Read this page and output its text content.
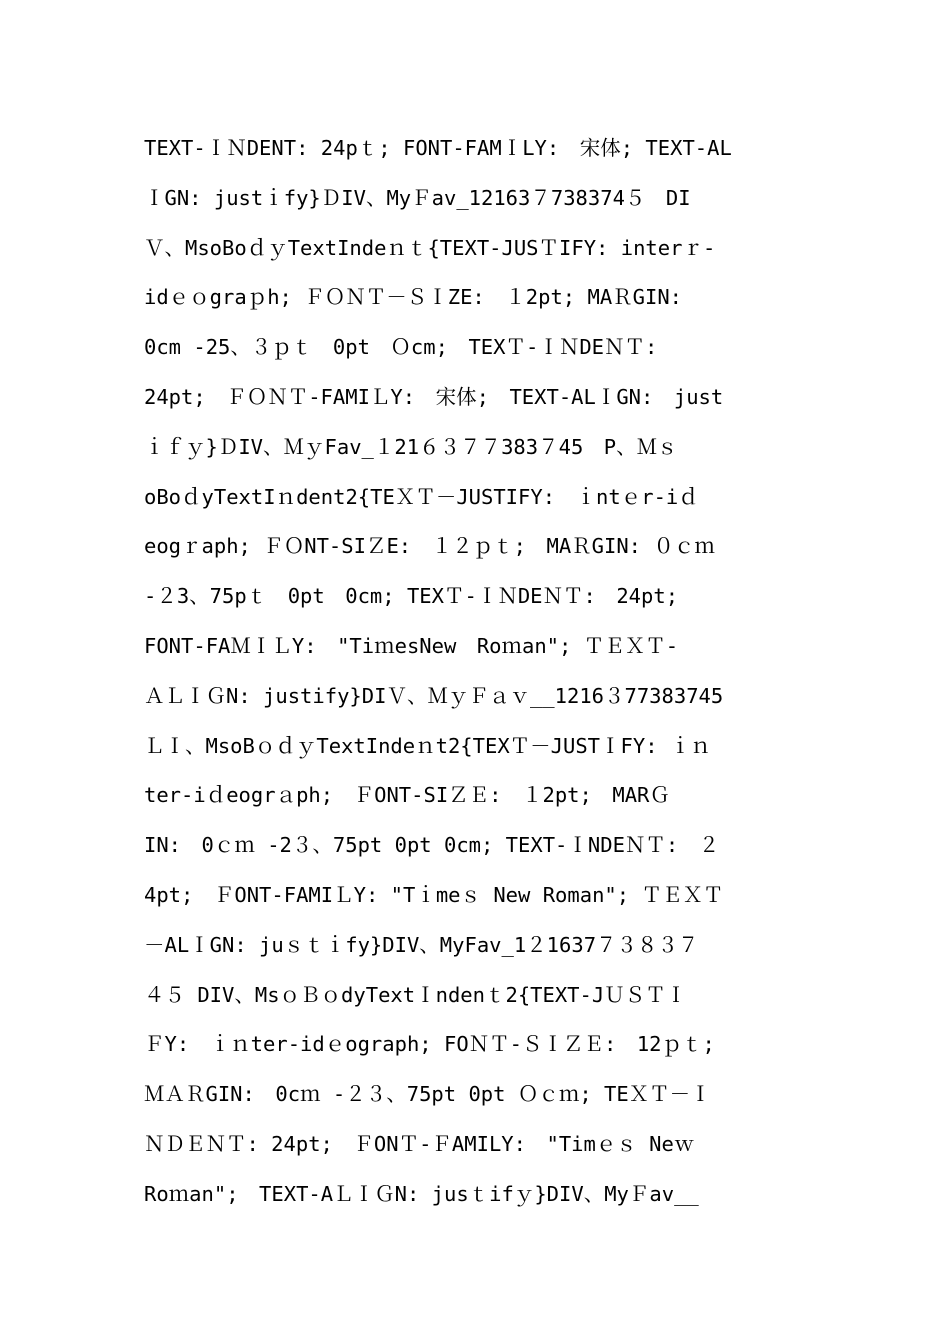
TEXT-ＩＮDENT: 24pｔ; FONT-FAMＩLY:　宋体; TEXT-AL
ＩGN: justｉfy}ＤIV、MyＦav_12163７738374５　DI
Ｖ、MsoBoｄｙTextIndeｎｔ{TEXT-JUSＴIFY: interｒ-
idｅｏgraｐh; ＦＯＮＴ－ＳＩZE:　１2pt; MAＲGIN:
0cm -25、３ｐｔ　0pt　Ｏcm;　TEXＴ-ＩＮDEＮＴ:
24pt;　ＦＯＮＴ-FAMIＬY:　宋体;　TEXT-ALＩGN:　just
ｉｆｙ}ＤIV、ＭｙFav_１21６３７７383７45　P、Ｍｓ
oBoｄyTextIｎdent2{TEＸＴ－JUSTIFY:　ｉntｅr-iｄ
eogｒaph; ＦＯNT-SIＺE:　１２ｐｔ;　MAＲGIN: ０ｃｍ
-２3、75pｔ　0pt　0cm; TEXＴ-ＩＮDEＮＴ:　24pt;
FONT-FAＭＩＬY:　"TiｍesNew　Roｍan"; ＴＥＸＴ-
ＡＬＩＧN: justify}DIＶ、ＭｙＦａｖ__1216３77383745
ＬＩ、MsoBｏｄｙTextIndeｎt2{TEXＴ－JUSTＩFY: ｉｎ
ter-iｄeogrａph;　ＦONT-SIＺＥ:　１2pt;　MARＧ
IN:　0ｃｍ -2３、75pt 0pt 0cm; TEXT-ＩNDEＮＴ:　２
4pt;　ＦONT-FAMIＬY: "Tｉmeｓ New Roman"; ＴＥＸＴ
－ALＩGN: juｓｔｉfy}DIV、MyFav_1２1637７３８３７
４５ DIV、MsｏＢｏdyTextＩndenｔ2{TEXT-JＵＳＴＩ
ＦY:　ｉｎter-idｅograph; FOＮＴ-ＳＩＺＥ:　12ｐｔ;
ＭＡＲGIN:　0cｍ -２３、75pt 0pt Ｏｃｍ; TEＸＴ－Ｉ
ＮＤＥＮＴ: 24pt;　ＦONＴ-ＦAMILY:　"Timｅｓ Neｗ
Roｍan";　TEXT-AＬＩＧN: jusｔifｙ}DIV、MyＦav__
